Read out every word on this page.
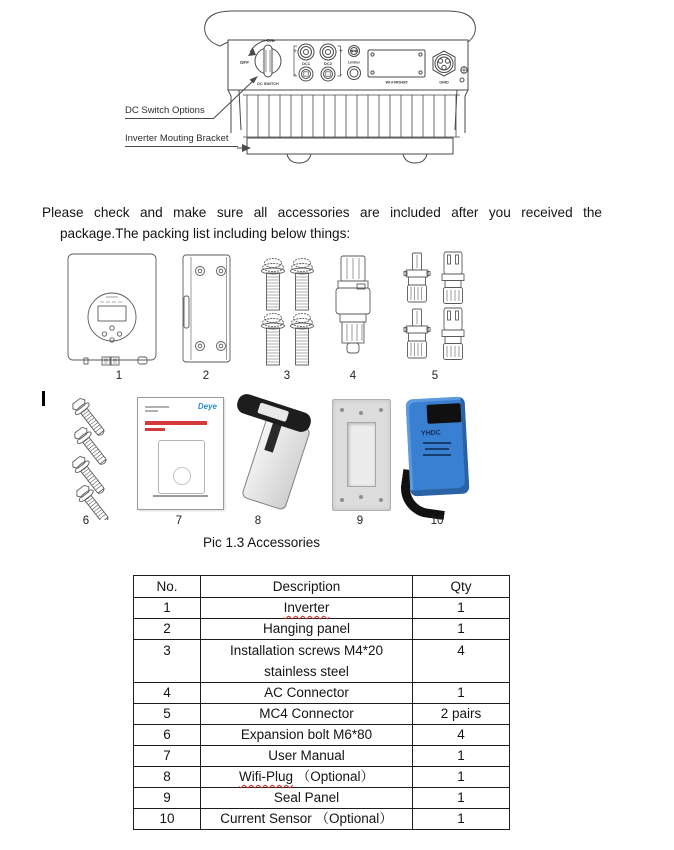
ON
OFF
DC SWITCH
+
-
DC1
+
-
DC2	Limiter
WI-FI/RS485	GRID
DC Switch Options
Inverter Mouting Bracket
Please check and make sure all accessories are included after you received the
package.The packing list including below things:
1	2	3	4	5
Deye
YHDC
6	7	8	9	10
Pic 1.3 Accessories
No.	Description	Qty
1	Inverter	1
2	Hanging panel	1
3	Installation screws M4*20
stainless steel	4
4	AC Connector	1
5	MC4 Connector	2 pairs
6	Expansion bolt M6*80	4
7	User Manual	1
8	Wifi-Plug （Optional）	1
9	Seal Panel	1
10	Current Sensor （Optional）	1
